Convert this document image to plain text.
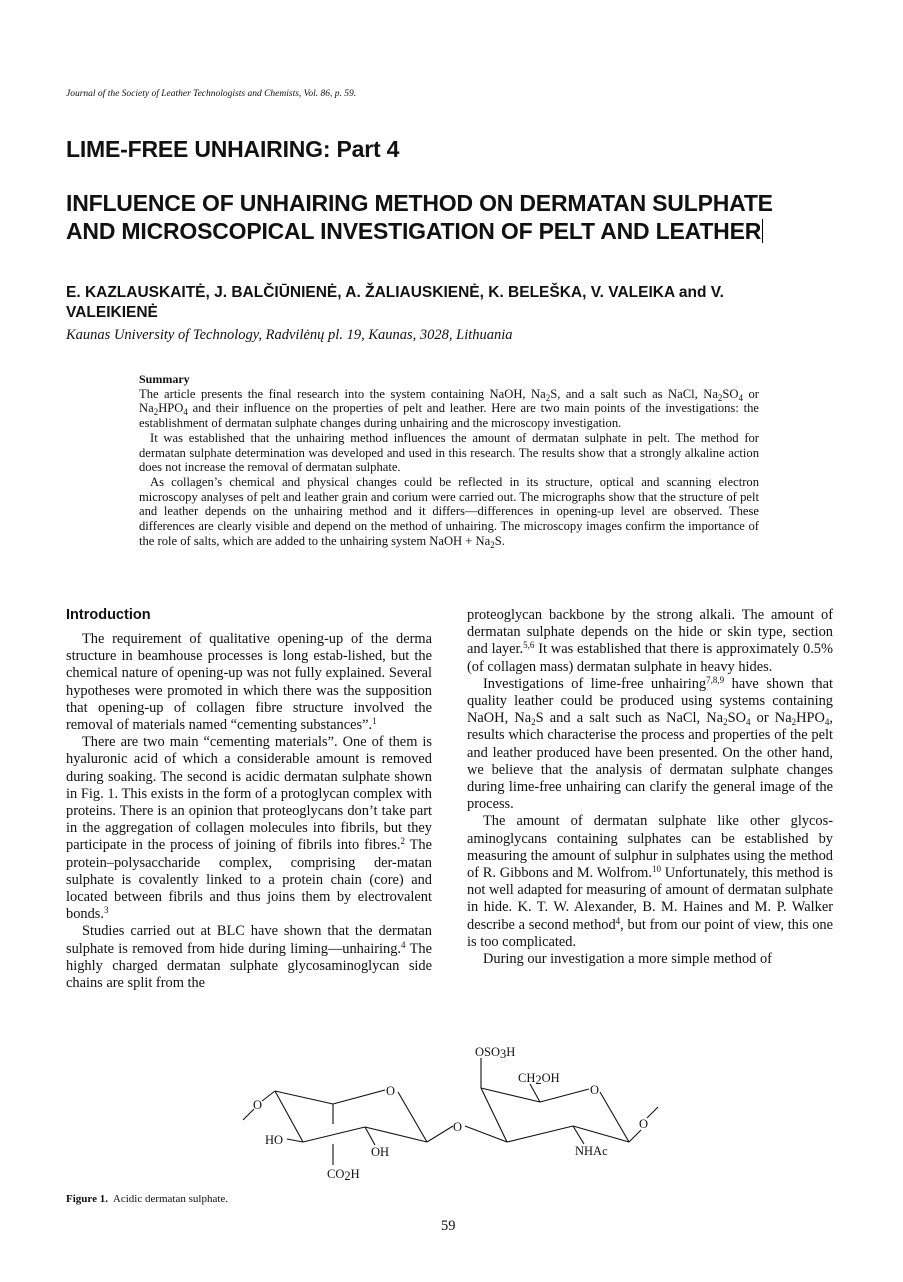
Journal of the Society of Leather Technologists and Chemists, Vol. 86, p. 59.
LIME-FREE UNHAIRING: Part 4
INFLUENCE OF UNHAIRING METHOD ON DERMATAN SULPHATE AND MICROSCOPICAL INVESTIGATION OF PELT AND LEATHER
E. KAZLAUSKAITĖ, J. BALČIŪNIENĖ, A. ŽALIAUSKIENĖ, K. BELEŠKA, V. VALEIKA and V. VALEIKIENĖ
Kaunas University of Technology, Radvilėnų pl. 19, Kaunas, 3028, Lithuania
Summary

The article presents the final research into the system containing NaOH, $Na_2S$, and a salt such as NaCl, $Na_2SO_4$ or $Na_2HPO_4$ and their influence on the properties of pelt and leather. Here are two main points of the investigations: the establishment of dermatan sulphate changes during unhairing and the microscopy investigation.

It was established that the unhairing method influences the amount of dermatan sulphate in pelt. The method for dermatan sulphate determination was developed and used in this research. The results show that a strongly alkaline action does not increase the removal of dermatan sulphate.

As collagen’s chemical and physical changes could be reflected in its structure, optical and scanning electron microscopy analyses of pelt and leather grain and corium were carried out. The micrographs show that the structure of pelt and leather depends on the unhairing method and it differs—differences in opening-up level are observed. These differences are clearly visible and depend on the method of unhairing. The microscopy images confirm the importance of the role of salts, which are added to the unhairing system NaOH + $Na_2S$.

Introduction

The requirement of qualitative opening-up of the derma structure in beamhouse processes is long estab-lished, but the chemical nature of opening-up was not fully explained. Several hypotheses were promoted in which there was the supposition that opening-up of collagen fibre structure involved the removal of materials named “cementing substances”.$^1$

There are two main “cementing materials”. One of them is hyaluronic acid of which a considerable amount is removed during soaking. The second is acidic dermatan sulphate shown in Fig. 1. This exists in the form of a protoglycan complex with proteins. There is an opinion that proteoglycans don’t take part in the aggregation of collagen molecules into fibrils, but they participate in the process of joining of fibrils into fibres.$^2$ The protein–polysaccharide complex, comprising der-matan sulphate is covalently linked to a protein chain (core) and located between fibrils and thus joins them by electrovalent bonds.$^3$

Studies carried out at BLC have shown that the dermatan sulphate is removed from hide during liming—unhairing.$^4$ The highly charged dermatan sulphate glycosaminoglycan side chains are split from the

proteoglycan backbone by the strong alkali. The amount of dermatan sulphate depends on the hide or skin type, section and layer.$^{5,6}$ It was established that there is approximately 0.5% (of collagen mass) dermatan sulphate in heavy hides.

Investigations of lime-free unhairing$^{7,8,9}$ have shown that quality leather could be produced using systems containing NaOH, $Na_2S$ and a salt such as NaCl, $Na_2SO_4$ or $Na_2HPO_4$, results which characterise the process and properties of the pelt and leather produced have been presented. On the other hand, we believe that the analysis of dermatan sulphate changes during lime-free unhairing can clarify the general image of the process.

The amount of dermatan sulphate like other glycos-aminoglycans containing sulphates can be established by measuring the amount of sulphur in sulphates using the method of R. Gibbons and M. Wolfrom.$^{10}$ Unfortunately, this method is not well adapted for measuring of amount of dermatan sulphate in hide. K. T. W. Alexander, B. M. Haines and M. P. Walker describe a second method$^4$, but from our point of view, this one is too complicated.

During our investigation a more simple method of

O
O
O
O
O
HO
OH
CO2H
OSO3H
CH2OH
NHAc
Figure 1. Acidic dermatan sulphate.
59
